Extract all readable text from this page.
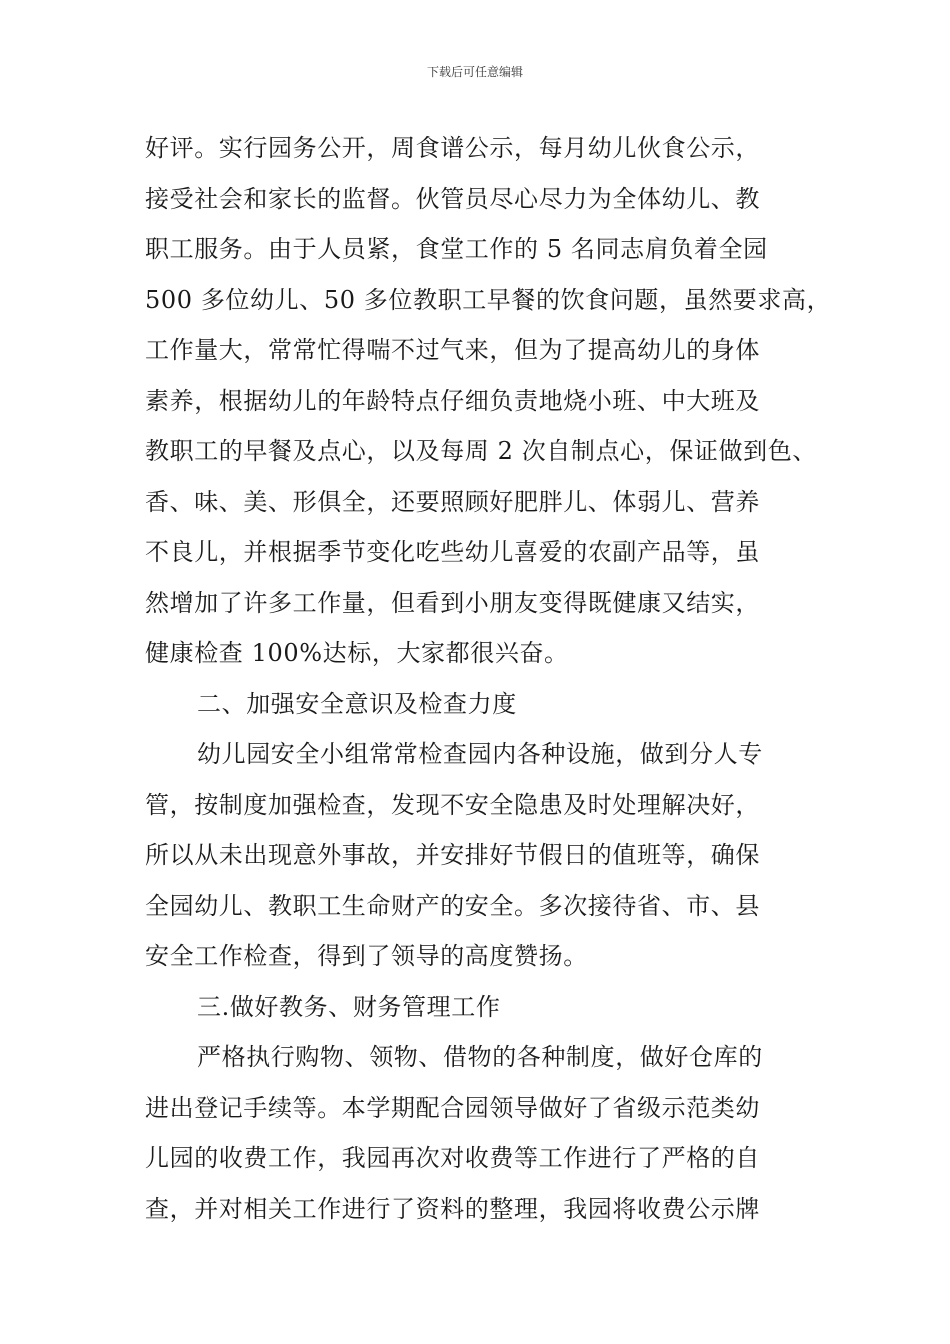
下载后可任意编辑
好评。实行园务公开，周食谱公示，每月幼儿伙食公示，
接受社会和家长的监督。伙管员尽心尽力为全体幼儿、教
职工服务。由于人员紧，食堂工作的 5 名同志肩负着全园
500 多位幼儿、50 多位教职工早餐的饮食问题，虽然要求高，
工作量大，常常忙得喘不过气来，但为了提高幼儿的身体
素养，根据幼儿的年龄特点仔细负责地烧小班、中大班及
教职工的早餐及点心，以及每周 2 次自制点心，保证做到色、
香、味、美、形俱全，还要照顾好肥胖儿、体弱儿、营养
不良儿，并根据季节变化吃些幼儿喜爱的农副产品等，虽
然增加了许多工作量，但看到小朋友变得既健康又结实，
健康检查 100%达标，大家都很兴奋。
二、加强安全意识及检查力度
幼儿园安全小组常常检查园内各种设施，做到分人专
管，按制度加强检查，发现不安全隐患及时处理解决好，
所以从未出现意外事故，并安排好节假日的值班等，确保
全园幼儿、教职工生命财产的安全。多次接待省、市、县
安全工作检查，得到了领导的高度赞扬。
三.做好教务、财务管理工作
严格执行购物、领物、借物的各种制度，做好仓库的
进出登记手续等。本学期配合园领导做好了省级示范类幼
儿园的收费工作，我园再次对收费等工作进行了严格的自
查，并对相关工作进行了资料的整理，我园将收费公示牌
